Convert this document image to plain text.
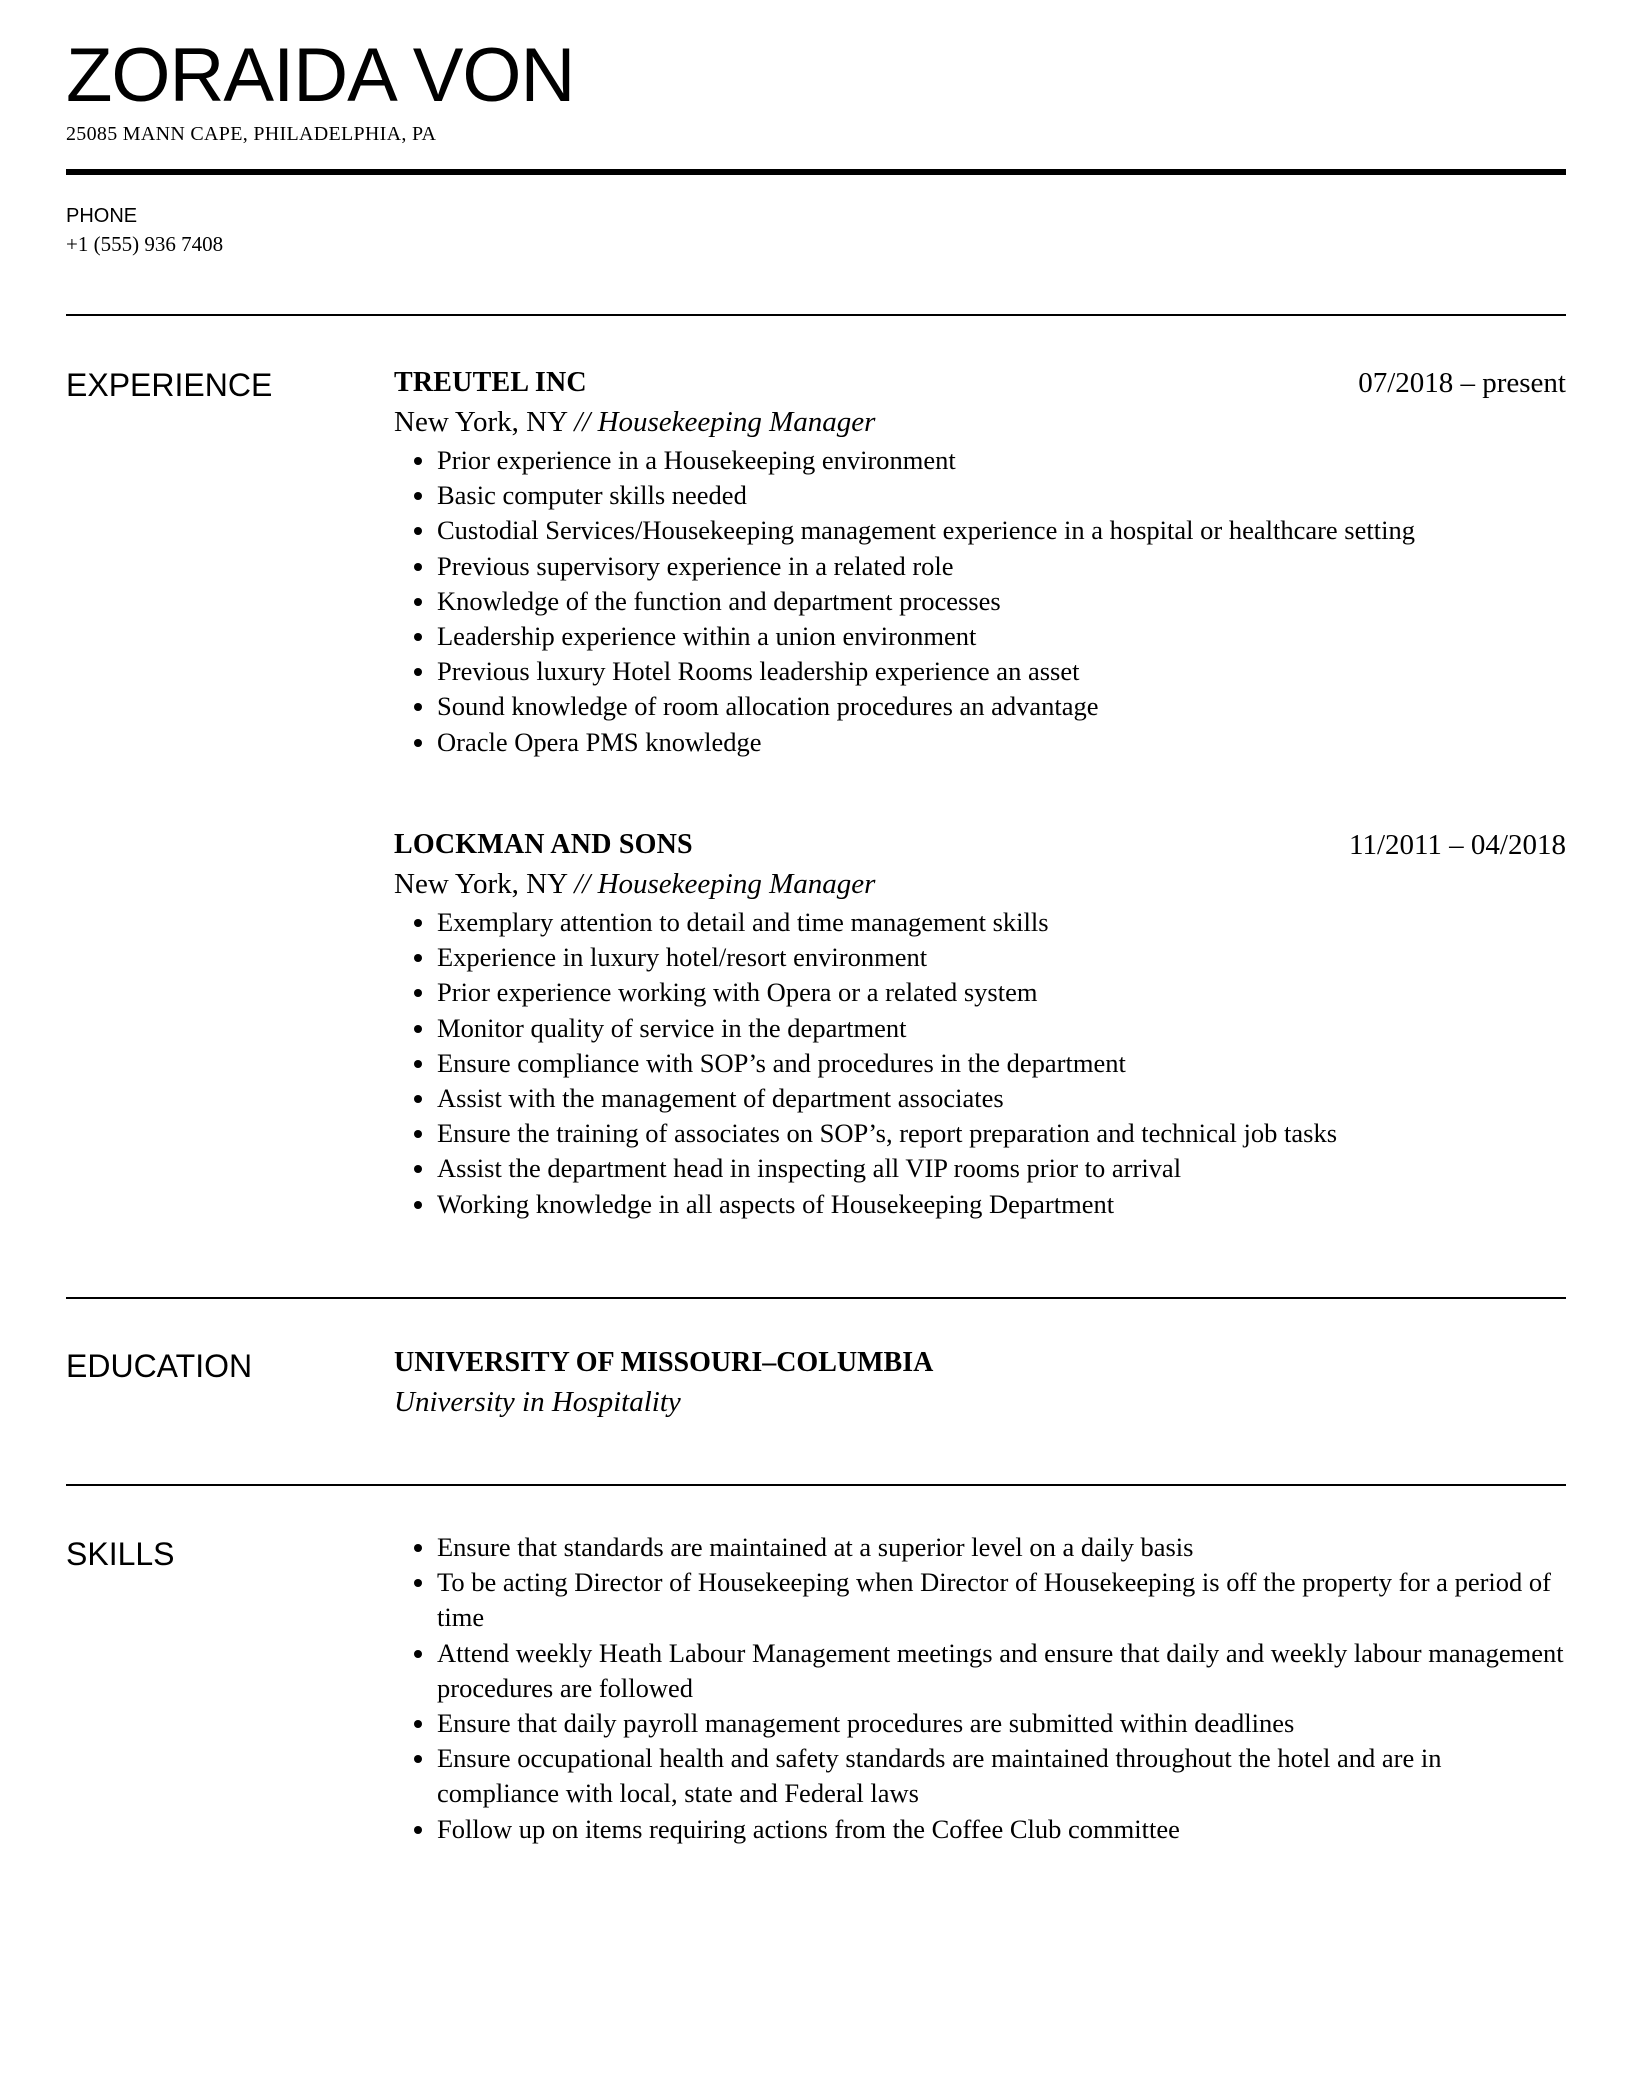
ZORAIDA VON
25085 MANN CAPE, PHILADELPHIA, PA
PHONE
+1 (555) 936 7408
EXPERIENCE	TREUTEL INC	07/2018 – present
New York, NY // Housekeeping Manager
• Prior experience in a Housekeeping environment
• Basic computer skills needed
• Custodial Services/Housekeeping management experience in a hospital or healthcare setting
• Previous supervisory experience in a related role
• Knowledge of the function and department processes
• Leadership experience within a union environment
• Previous luxury Hotel Rooms leadership experience an asset
• Sound knowledge of room allocation procedures an advantage
• Oracle Opera PMS knowledge
LOCKMAN AND SONS	11/2011 – 04/2018
New York, NY // Housekeeping Manager
• Exemplary attention to detail and time management skills
• Experience in luxury hotel/resort environment
• Prior experience working with Opera or a related system
• Monitor quality of service in the department
• Ensure compliance with SOP’s and procedures in the department
• Assist with the management of department associates
• Ensure the training of associates on SOP’s, report preparation and technical job tasks
• Assist the department head in inspecting all VIP rooms prior to arrival
• Working knowledge in all aspects of Housekeeping Department
EDUCATION	UNIVERSITY OF MISSOURI–COLUMBIA
University in Hospitality
SKILLS
•	Ensure that standards are maintained at a superior level on a daily basis
• To be acting Director of Housekeeping when Director of Housekeeping is off the property for a period of time
• Attend weekly Heath Labour Management meetings and ensure that daily and weekly labour management procedures are followed
• Ensure that daily payroll management procedures are submitted within deadlines
• Ensure occupational health and safety standards are maintained throughout the hotel and are in compliance with local, state and Federal laws
• Follow up on items requiring actions from the Coffee Club committee
